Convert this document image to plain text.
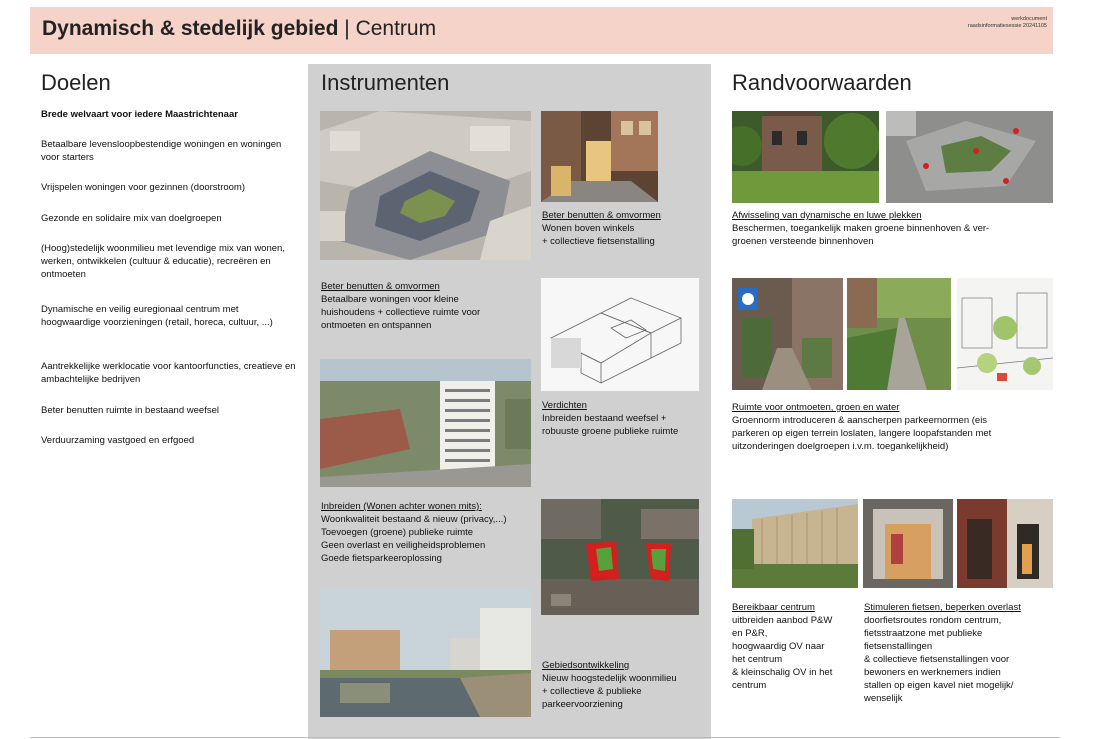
Dynamisch & stedelijk gebied | Centrum	werkdocument
raadsinformatiesessie 20241105
Doelen
Brede welvaart voor iedere Maastrichtenaar
Betaalbare levensloopbestendige woningen en woningen voor starters
Vrijspelen woningen voor gezinnen (doorstroom)
Gezonde en solidaire mix van doelgroepen
(Hoog)stedelijk woonmilieu met levendige mix van wonen, werken, ontwikkelen (cultuur & educatie), recreëren en ontmoeten
Dynamische en veilig euregionaal centrum met hoogwaardige voorzieningen (retail, horeca, cultuur, ...)
Aantrekkelijke werklocatie voor kantoorfuncties, creatieve en ambachtelijke bedrijven
Beter benutten ruimte in bestaand weefsel
Verduurzaming vastgoed en erfgoed
Instrumenten
Beter benutten & omvormen
Wonen boven winkels
+ collectieve fietsenstalling
Beter benutten & omvormen
Betaalbare woningen voor kleine
huishoudens + collectieve ruimte voor
ontmoeten en ontspannen
Verdichten
Inbreiden bestaand weefsel +
robuuste groene publieke ruimte
Inbreiden (Wonen achter wonen mits):
Woonkwaliteit bestaand & nieuw (privacy,...)
Toevoegen (groene) publieke ruimte
Geen overlast en veiligheidsproblemen
Goede fietsparkeeroplossing
Gebiedsontwikkeling
Nieuw hoogstedelijk woonmilieu
+ collectieve & publieke
parkeervoorziening
Randvoorwaarden
Afwisseling van dynamische en luwe plekken
Beschermen, toegankelijk maken groene binnenhoven & ver-
groenen versteende binnenhoven
Ruimte voor ontmoeten, groen en water
Groennorm introduceren & aanscherpen parkeernormen (eis
parkeren op eigen terrein loslaten, langere loopafstanden met
uitzonderingen doelgroepen i.v.m. toegankelijkheid)
Bereikbaar centrum
uitbreiden aanbod P&W
en P&R,
hoogwaardig OV naar
het centrum
& kleinschalig OV in het
centrum
Stimuleren fietsen, beperken overlast
doorfietsroutes rondom centrum,
fietsstraatzone met publieke
fietsenstallingen
& collectieve fietsenstallingen voor
bewoners en werknemers indien
stallen op eigen kavel niet mogelijk/
wenselijk
